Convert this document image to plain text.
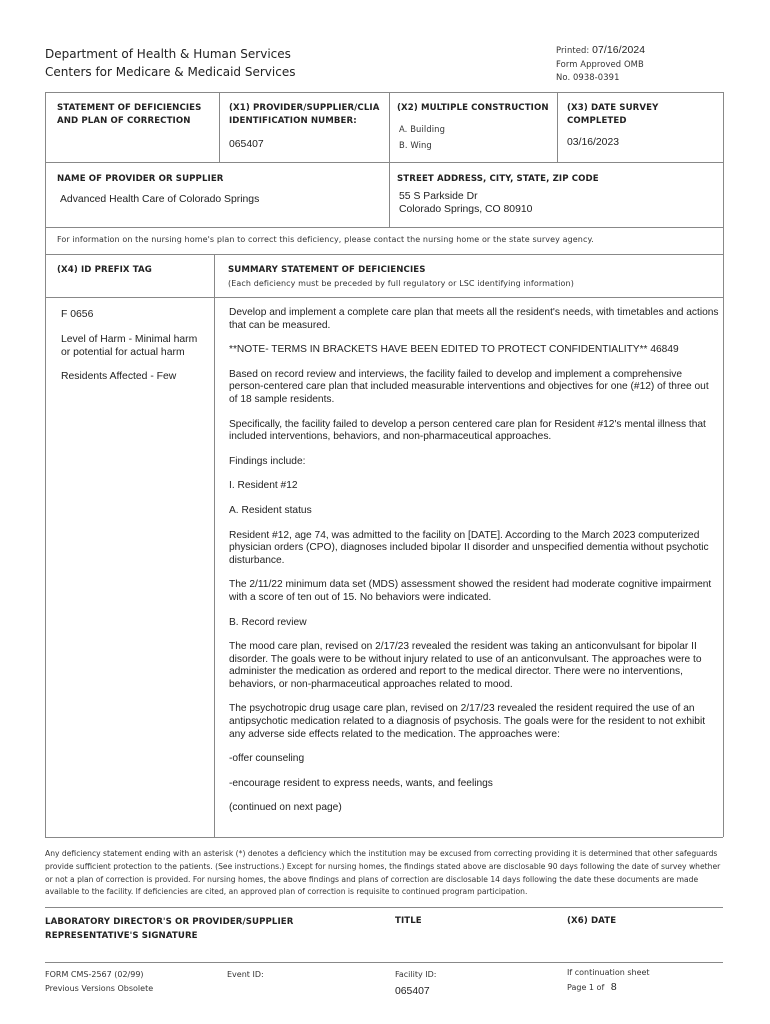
Department of Health & Human Services
Centers for Medicare & Medicaid Services
Printed: 07/16/2024
Form Approved OMB
No. 0938-0391
STATEMENT OF DEFICIENCIES AND PLAN OF CORRECTION
(X1) PROVIDER/SUPPLIER/CLIA IDENTIFICATION NUMBER:
065407
(X2) MULTIPLE CONSTRUCTION
A. Building
B. Wing
(X3) DATE SURVEY COMPLETED
03/16/2023
NAME OF PROVIDER OR SUPPLIER
Advanced Health Care of Colorado Springs
STREET ADDRESS, CITY, STATE, ZIP CODE
55 S Parkside Dr
Colorado Springs, CO 80910
For information on the nursing home's plan to correct this deficiency, please contact the nursing home or the state survey agency.
(X4) ID PREFIX TAG	SUMMARY STATEMENT OF DEFICIENCIES
(Each deficiency must be preceded by full regulatory or LSC identifying information)
F 0656
Level of Harm - Minimal harm or potential for actual harm
Residents Affected - Few

Develop and implement a complete care plan that meets all the resident's needs, with timetables and actions that can be measured.

**NOTE- TERMS IN BRACKETS HAVE BEEN EDITED TO PROTECT CONFIDENTIALITY** 46849

Based on record review and interviews, the facility failed to develop and implement a comprehensive person-centered care plan that included measurable interventions and objectives for one (#12) of three out of 18 sample residents.

Specifically, the facility failed to develop a person centered care plan for Resident #12's mental illness that included interventions, behaviors, and non-pharmaceutical approaches.

Findings include:

I. Resident #12

A. Resident status

Resident #12, age 74, was admitted to the facility on [DATE]. According to the March 2023 computerized physician orders (CPO), diagnoses included bipolar II disorder and unspecified dementia without psychotic disturbance.

The 2/11/22 minimum data set (MDS) assessment showed the resident had moderate cognitive impairment with a score of ten out of 15. No behaviors were indicated.

B. Record review

The mood care plan, revised on 2/17/23 revealed the resident was taking an anticonvulsant for bipolar II disorder. The goals were to be without injury related to use of an anticonvulsant. The approaches were to administer the medication as ordered and report to the medical director. There were no interventions, behaviors, or non-pharmaceutical approaches related to mood.

The psychotropic drug usage care plan, revised on 2/17/23 revealed the resident required the use of an antipsychotic medication related to a diagnosis of psychosis. The goals were for the resident to not exhibit any adverse side effects related to the medication. The approaches were:

-offer counseling

-encourage resident to express needs, wants, and feelings

(continued on next page)

Any deficiency statement ending with an asterisk (*) denotes a deficiency which the institution may be excused from correcting providing it is determined that other safeguards provide sufficient protection to the patients. (See instructions.) Except for nursing homes, the findings stated above are disclosable 90 days following the date of survey whether or not a plan of correction is provided. For nursing homes, the above findings and plans of correction are disclosable 14 days following the date these documents are made available to the facility. If deficiencies are cited, an approved plan of correction is requisite to continued program participation.
LABORATORY DIRECTOR'S OR PROVIDER/SUPPLIER REPRESENTATIVE'S SIGNATURE
TITLE	(X6) DATE
FORM CMS-2567 (02/99)
Previous Versions Obsolete
Event ID:	Facility ID:
065407
If continuation sheet
Page 1 of 8
